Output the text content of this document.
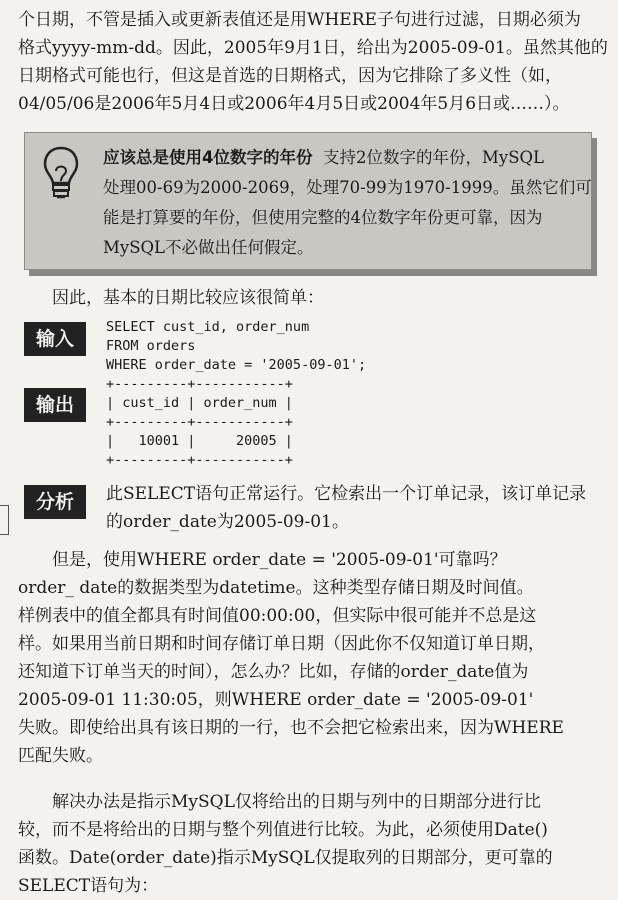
个日期，不管是插入或更新表值还是用WHERE子句进行过滤，日期必须为
格式yyyy-mm-dd。因此，2005年9月1日，给出为2005-09-01。虽然其他的
日期格式可能也行，但这是首选的日期格式，因为它排除了多义性（如，
04/05/06是2006年5月4日或2006年4月5日或2004年5月6日或……）。

应该总是使用4位数字的年份 支持2位数字的年份，MySQL
处理00-69为2000-2069，处理70-99为1970-1999。虽然它们可
能是打算要的年份，但使用完整的4位数字年份更可靠，因为
MySQL不必做出任何假定。

因此，基本的日期比较应该很简单：

输入
SELECT cust_id, order_num
FROM orders
WHERE order_date = '2005-09-01';
输出
+---------+-----------+
| cust_id | order_num |
+---------+-----------+
|   10001 |     20005 |
+---------+-----------+
分析	此SELECT语句正常运行。它检索出一个订单记录，该订单记录
的order_date为2005-09-01。

但是，使用WHERE order_date = '2005-09-01'可靠吗？
order_ date的数据类型为datetime。这种类型存储日期及时间值。
样例表中的值全都具有时间值00:00:00，但实际中很可能并不总是这
样。如果用当前日期和时间存储订单日期（因此你不仅知道订单日期，
还知道下订单当天的时间），怎么办？比如，存储的order_date值为
2005-09-01 11:30:05，则WHERE order_date = '2005-09-01'
失败。即使给出具有该日期的一行，也不会把它检索出来，因为WHERE
匹配失败。

解决办法是指示MySQL仅将给出的日期与列中的日期部分进行比
较，而不是将给出的日期与整个列值进行比较。为此，必须使用Date()
函数。Date(order_date)指示MySQL仅提取列的日期部分，更可靠的
SELECT语句为：
